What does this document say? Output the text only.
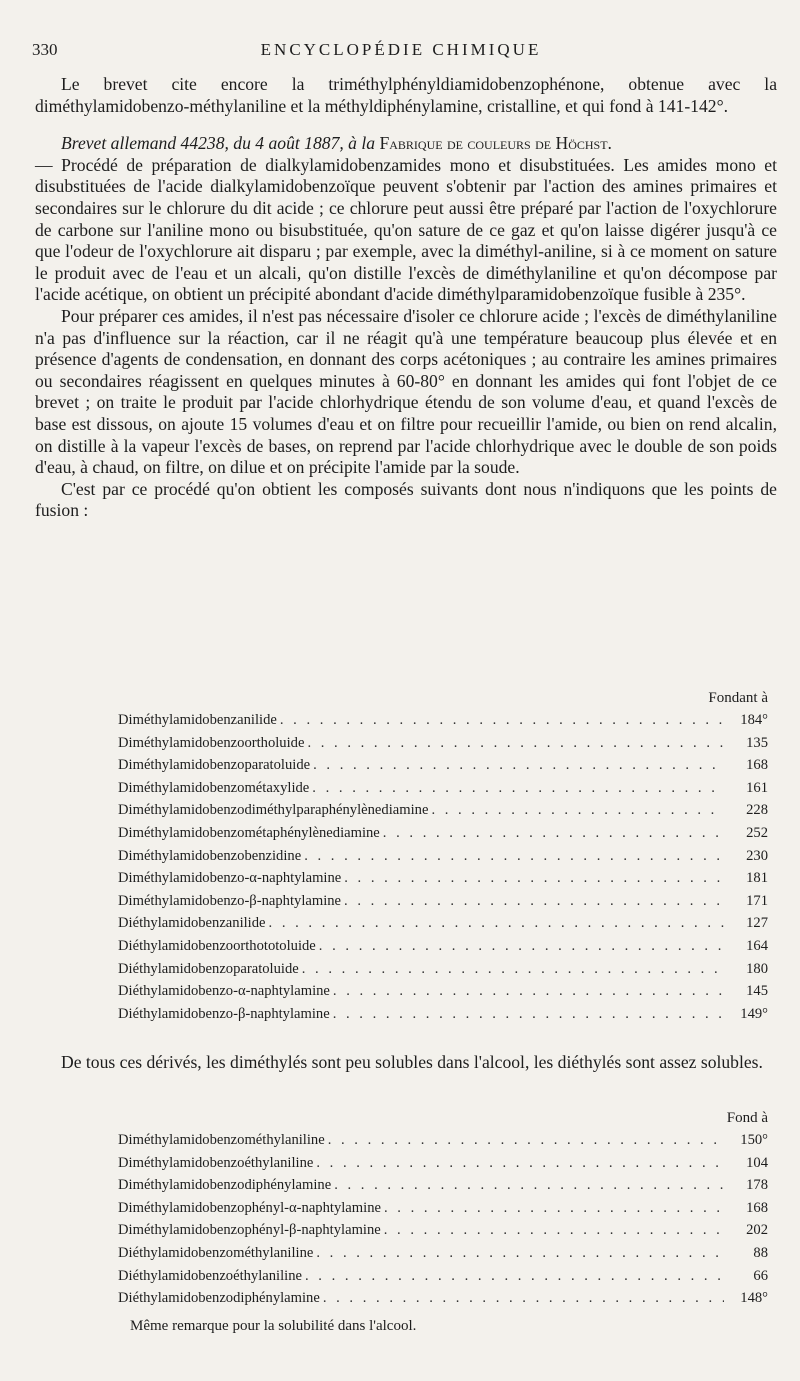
330	ENCYCLOPÉDIE CHIMIQUE

Le brevet cite encore la triméthylphényldiamidobenzophénone, obtenue avec la diméthylamidobenzo-méthylaniline et la méthyldiphénylamine, cristalline, et qui fond à 141-142°.

Brevet allemand 44238, du 4 août 1887, à la Fabrique de couleurs de Höchst.

— Procédé de préparation de dialkylamidobenzamides mono et disubstituées. Les amides mono et disubstituées de l'acide dialkylamidobenzoïque peuvent s'obtenir par l'action des amines primaires et secondaires sur le chlorure du dit acide ; ce chlorure peut aussi être préparé par l'action de l'oxychlorure de carbone sur l'aniline mono ou bisubstituée, qu'on sature de ce gaz et qu'on laisse digérer jusqu'à ce que l'odeur de l'oxychlorure ait disparu ; par exemple, avec la diméthyl-aniline, si à ce moment on sature le produit avec de l'eau et un alcali, qu'on distille l'excès de diméthylaniline et qu'on décompose par l'acide acétique, on obtient un précipité abondant d'acide diméthylparamidobenzoïque fusible à 235°.

Pour préparer ces amides, il n'est pas nécessaire d'isoler ce chlorure acide ; l'excès de diméthylaniline n'a pas d'influence sur la réaction, car il ne réagit qu'à une température beaucoup plus élevée et en présence d'agents de condensation, en donnant des corps acétoniques ; au contraire les amines primaires ou secondaires réagissent en quelques minutes à 60-80° en donnant les amides qui font l'objet de ce brevet ; on traite le produit par l'acide chlorhydrique étendu de son volume d'eau, et quand l'excès de base est dissous, on ajoute 15 volumes d'eau et on filtre pour recueillir l'amide, ou bien on rend alcalin, on distille à la vapeur l'excès de bases, on reprend par l'acide chlorhydrique avec le double de son poids d'eau, à chaud, on filtre, on dilue et on précipite l'amide par la soude.

C'est par ce procédé qu'on obtient les composés suivants dont nous n'indiquons que les points de fusion :

Fondant à
Diméthylamidobenzanilide . . .	184°
Diméthylamidobenzoortholuide . . .	135
Diméthylamidobenzoparatoluide . . .	168
Diméthylamidobenzométaxylide . . .	161
Diméthylamidobenzodiméthylparaphénylènediamine . . .	228
Diméthylamidobenzométaphénylènediamine . . .	252
Diméthylamidobenzobenzidine . . .	230
Diméthylamidobenzo-α-naphtylamine . . .	181
Diméthylamidobenzo-β-naphtylamine . . .	171
Diéthylamidobenzanilide . . .	127
Diéthylamidobenzoorthototoluide . . .	164
Diéthylamidobenzoparatoluide . . .	180
Diéthylamidobenzo-α-naphtylamine . . .	145
Diéthylamidobenzo-β-naphtylamine . . .	149°

De tous ces dérivés, les diméthylés sont peu solubles dans l'alcool, les diéthylés sont assez solubles.

Fond à
Diméthylamidobenzométhylaniline . . .	150°
Diméthylamidobenzoéthylaniline . . .	104
Diméthylamidobenzodiphénylamine . . .	178
Diméthylamidobenzophényl-α-naphtylamine . . .	168
Diméthylamidobenzophényl-β-naphtylamine . . .	202
Diéthylamidobenzométhylaniline . . .	88
Diéthylamidobenzoéthylaniline . . .	66
Diéthylamidobenzodiphénylamine . . .	148°
Même remarque pour la solubilité dans l'alcool.
